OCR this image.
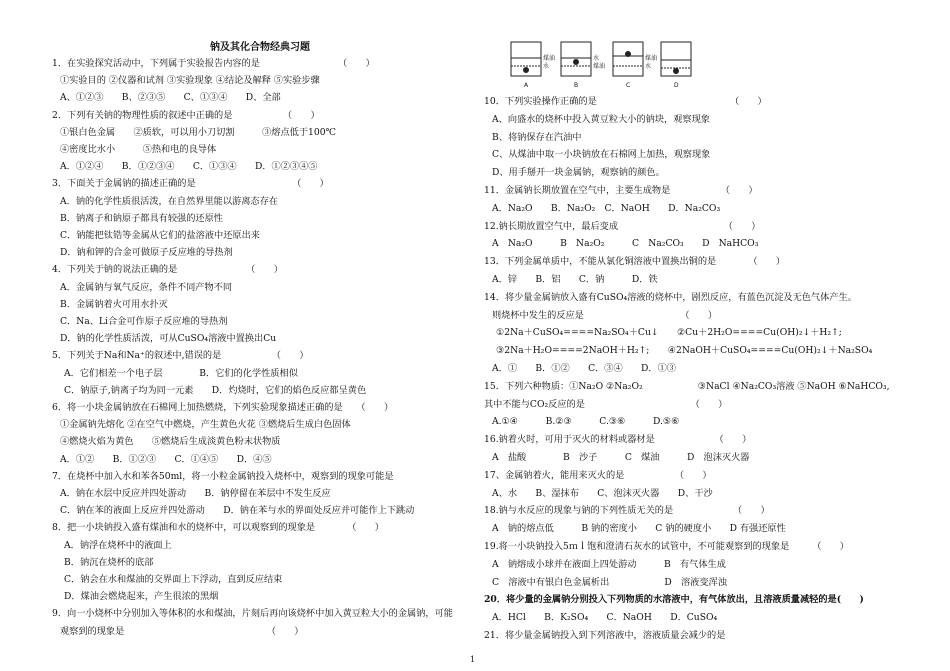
钠及其化合物经典习题
1．在实验探究活动中，下列属于实验报告内容的是　　　　　　　　　（　　）
①实验目的 ②仪器和试剂 ③实验现象 ④结论及解释 ⑤实验步骤
A、①②③　　B、②③⑤　　C、①③④　　D、全部
2．下列有关钠的物理性质的叙述中正确的是　　　　　　（　　）
①银白色金属　　②质软，可以用小刀切割　　　③熔点低于100℃
④密度比水小　　　⑤热和电的良导体
A．①②④　　B．①②③④　　C．①③④　　D．①②③④⑤
3．下面关于金属钠的描述正确的是　　　　　　　　　　　（　　）
A．钠的化学性质很活泼，在自然界里能以游离态存在
B．钠离子和钠原子都具有较强的还原性
C．钠能把钛锆等金属从它们的盐溶液中还原出来
D．钠和钾的合金可做原子反应堆的导热剂
4．下列关于钠的说法正确的是　　　　　　　　（　　）
A．金属钠与氧气反应，条件不同产物不同
B．金属钠着火可用水扑灭
C．Na、Li合金可作原子反应堆的导热剂
D．钠的化学性质活泼，可从CuSO₄溶液中置换出Cu
5．下列关于Na和Na⁺的叙述中,错误的是　　　　　　（　　）
A．它们相差一个电子层　　　　B．它们的化学性质相似
C．钠原子,钠离子均为同一元素　　D．灼烧时，它们的焰色反应都呈黄色
6．将一小块金属钠放在石棉网上加热燃烧，下列实验现象描述正确的是　　（　　）
①金属钠先熔化 ②在空气中燃烧，产生黄色火花 ③燃烧后生成白色固体
④燃烧火焰为黄色　　⑤燃烧后生成淡黄色粉末状物质
A．①②　　B．①②③　　C．①④⑤　　D．④⑤
7．在烧杯中加入水和苯各50ml，将一小粒金属钠投入烧杯中，观察到的现象可能是
A．钠在水层中反应并四处游动　　B．钠停留在苯层中不发生反应
C．钠在苯的液面上反应并四处游动　　D．钠在苯与水的界面处反应并可能作上下跳动
8．把一小块钠投入盛有煤油和水的烧杯中，可以观察到的现象是　　　　（　　）
A．钠浮在烧杯中的液面上
B．钠沉在烧杯的底部
C．钠会在水和煤油的交界面上下浮动，直到反应结束
D．煤油会燃烧起来，产生很浓的黑烟
9．向一小烧杯中分别加入等体积的水和煤油，片刻后再向该烧杯中加入黄豆粒大小的金属钠，可能
观察到的现象是　　　　　　　　　　　　　　　　（　　）
10．下列实验操作正确的是　　　　　　　　　　　　　　　（　　）
A、向盛水的烧杯中投入黄豆粒大小的钠块，观察现象
B、将钠保存在汽油中
C、从煤油中取一小块钠放在石棉网上加热，观察现象
D、用手掰开一块金属钠，观察钠的颜色。
11．金属钠长期放置在空气中，主要生成物是　　　　　　（　　）
A．Na₂O　　B．Na₂O₂　C．NaOH　　D．Na₂CO₃
12.钠长期放置空气中，最后变成　　　　　　　　　　　　（　　）
A　Na₂O　　　B　Na₂O₂　　　C　Na₂CO₃　　D　NaHCO₃
13．下列金属单质中，不能从氯化铜溶液中置换出铜的是　　　　（　　）
A．锌　　B．铝　　C．钠　　　D．铁
14．将少量金属钠放入盛有CuSO₄溶液的烧杯中，剧烈反应，有蓝色沉淀及无色气体产生。
则烧杯中发生的反应是　　　　　　　　　　　（　　）
①2Na＋CuSO₄====Na₂SO₄＋Cu↓　　②Cu＋2H₂O====Cu(OH)₂↓＋H₂↑;
③2Na＋H₂O====2NaOH＋H₂↑;　　④2NaOH＋CuSO₄====Cu(OH)₂↓＋Na₂SO₄
A．①　　B．①②　　C．③④　　D．①③
15．下列六种物质：①Na₂O ②Na₂O₂　　　　　　③NaCl ④Na₂CO₃溶液 ⑤NaOH ⑥NaHCO₃,
其中不能与CO₂反应的是　　　　　　　　　　　　（　　）
A.①④　　　B.②③　　　C.③⑥　　　D.⑤⑥
16.钠着火时，可用于灭火的材料或器材是　　　　　　　（　　）
A　盐酸　　　　B　沙子　　　C　煤油　　　D　泡沫灭火器
17、金属钠着火，能用来灭火的是　　　　　　（　　）
A、水　　B、湿抹布　　C、泡沫灭火器　　D、干沙
18.钠与水反应的现象与钠的下列性质无关的是　　　　　　　（　　）
A　钠的熔点低　　　B 钠的密度小　　C 钠的硬度小　　D 有强还原性
19.将一小块钠投入5ｍｌ饱和澄清石灰水的试管中，不可能观察到的现象是　　　（　　）
A　钠熔成小球并在液面上四处游动　　　B　有气体生成
C　溶液中有银白色金属析出　　　　　　D　溶液变浑浊
20．将少量的金属钠分别投入下列物质的水溶液中，有气体放出，且溶液质量减轻的是(　　)
A．HCl　　B．K₂SO₄　　C．NaOH　　D．CuSO₄
21．将少量金属钠投入到下列溶液中，溶液质量会减少的是
煤油
水
水
煤油
煤油
水
A	B	C	D
1
